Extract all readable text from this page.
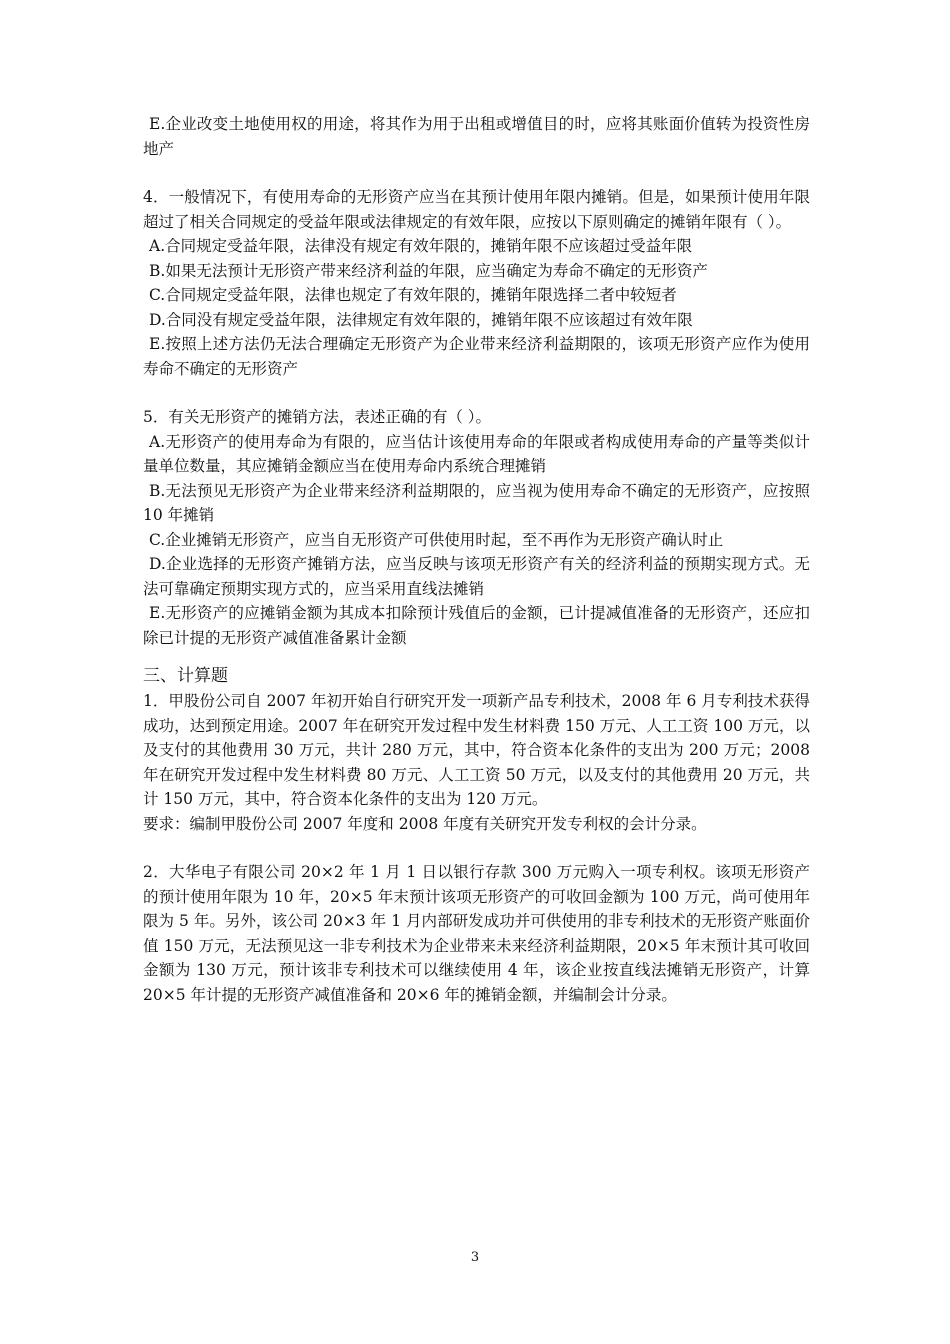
E.企业改变土地使用权的用途，将其作为用于出租或增值目的时，应将其账面价值转为投资性房地产

4．一般情况下，有使用寿命的无形资产应当在其预计使用年限内摊销。但是，如果预计使用年限超过了相关合同规定的受益年限或法律规定的有效年限，应按以下原则确定的摊销年限有（ ）。

A.合同规定受益年限，法律没有规定有效年限的，摊销年限不应该超过受益年限

B.如果无法预计无形资产带来经济利益的年限，应当确定为寿命不确定的无形资产

C.合同规定受益年限，法律也规定了有效年限的，摊销年限选择二者中较短者

D.合同没有规定受益年限，法律规定有效年限的，摊销年限不应该超过有效年限

E.按照上述方法仍无法合理确定无形资产为企业带来经济利益期限的，该项无形资产应作为使用寿命不确定的无形资产

5．有关无形资产的摊销方法，表述正确的有（ ）。

A.无形资产的使用寿命为有限的，应当估计该使用寿命的年限或者构成使用寿命的产量等类似计量单位数量，其应摊销金额应当在使用寿命内系统合理摊销

B.无法预见无形资产为企业带来经济利益期限的，应当视为使用寿命不确定的无形资产，应按照 10 年摊销

C.企业摊销无形资产，应当自无形资产可供使用时起，至不再作为无形资产确认时止

D.企业选择的无形资产摊销方法，应当反映与该项无形资产有关的经济利益的预期实现方式。无法可靠确定预期实现方式的，应当采用直线法摊销

E.无形资产的应摊销金额为其成本扣除预计残值后的金额，已计提减值准备的无形资产，还应扣除已计提的无形资产减值准备累计金额

三、计算题

1．甲股份公司自 2007 年初开始自行研究开发一项新产品专利技术，2008 年 6 月专利技术获得成功，达到预定用途。2007 年在研究开发过程中发生材料费 150 万元、人工工资 100 万元，以及支付的其他费用 30 万元，共计 280 万元，其中，符合资本化条件的支出为 200 万元；2008 年在研究开发过程中发生材料费 80 万元、人工工资 50 万元，以及支付的其他费用 20 万元，共计 150 万元，其中，符合资本化条件的支出为 120 万元。

要求：编制甲股份公司 2007 年度和 2008 年度有关研究开发专利权的会计分录。

2．大华电子有限公司 20×2 年 1 月 1 日以银行存款 300 万元购入一项专利权。该项无形资产的预计使用年限为 10 年，20×5 年末预计该项无形资产的可收回金额为 100 万元，尚可使用年限为 5 年。另外，该公司 20×3 年 1 月内部研发成功并可供使用的非专利技术的无形资产账面价值 150 万元，无法预见这一非专利技术为企业带来未来经济利益期限，20×5 年末预计其可收回金额为 130 万元，预计该非专利技术可以继续使用 4 年，该企业按直线法摊销无形资产，计算 20×5 年计提的无形资产减值准备和 20×6 年的摊销金额，并编制会计分录。

3
